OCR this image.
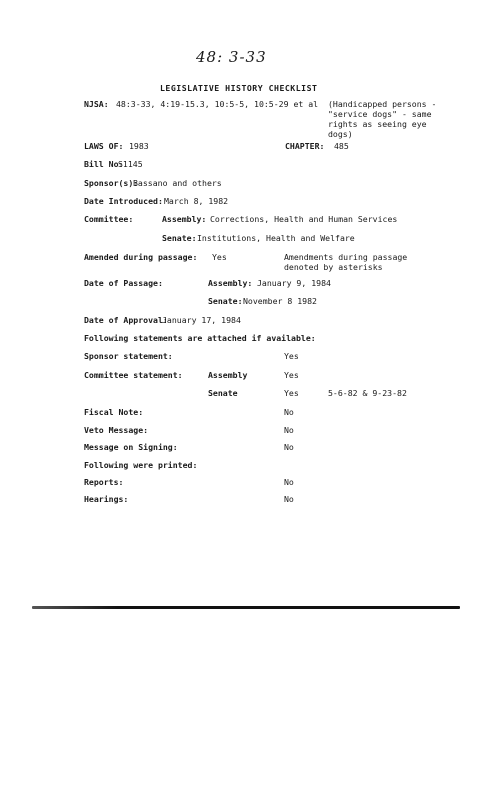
48: 3-33
LEGISLATIVE HISTORY CHECKLIST
NJSA: 48:3-33, 4:19-15.3, 10:5-5, 10:5-29 et al (Handicapped persons - "service dogs" - same rights as seeing eye dogs)
LAWS OF: 1983	CHAPTER: 485
Bill No:
S1145
Sponsor(s):
Bassano and others
Date Introduced: March 8, 1982
Committee:	Assembly: Corrections, Health and Human Services
Senate: Institutions, Health and Welfare
Amended during passage: Yes	Amendments during passage denoted by asterisks
Date of Passage:	Assembly: January 9, 1984
Senate: November 8 1982
Date of Approval:
January 17, 1984
Following statements are attached if available:
Sponsor statement:	Yes
Committee statement:	Assembly	Yes
Senate	Yes	5-6-82 & 9-23-82
Fiscal Note:	No
Veto Message:	No
Message on Signing:	No
Following were printed:
Reports:	No
Hearings:	No
